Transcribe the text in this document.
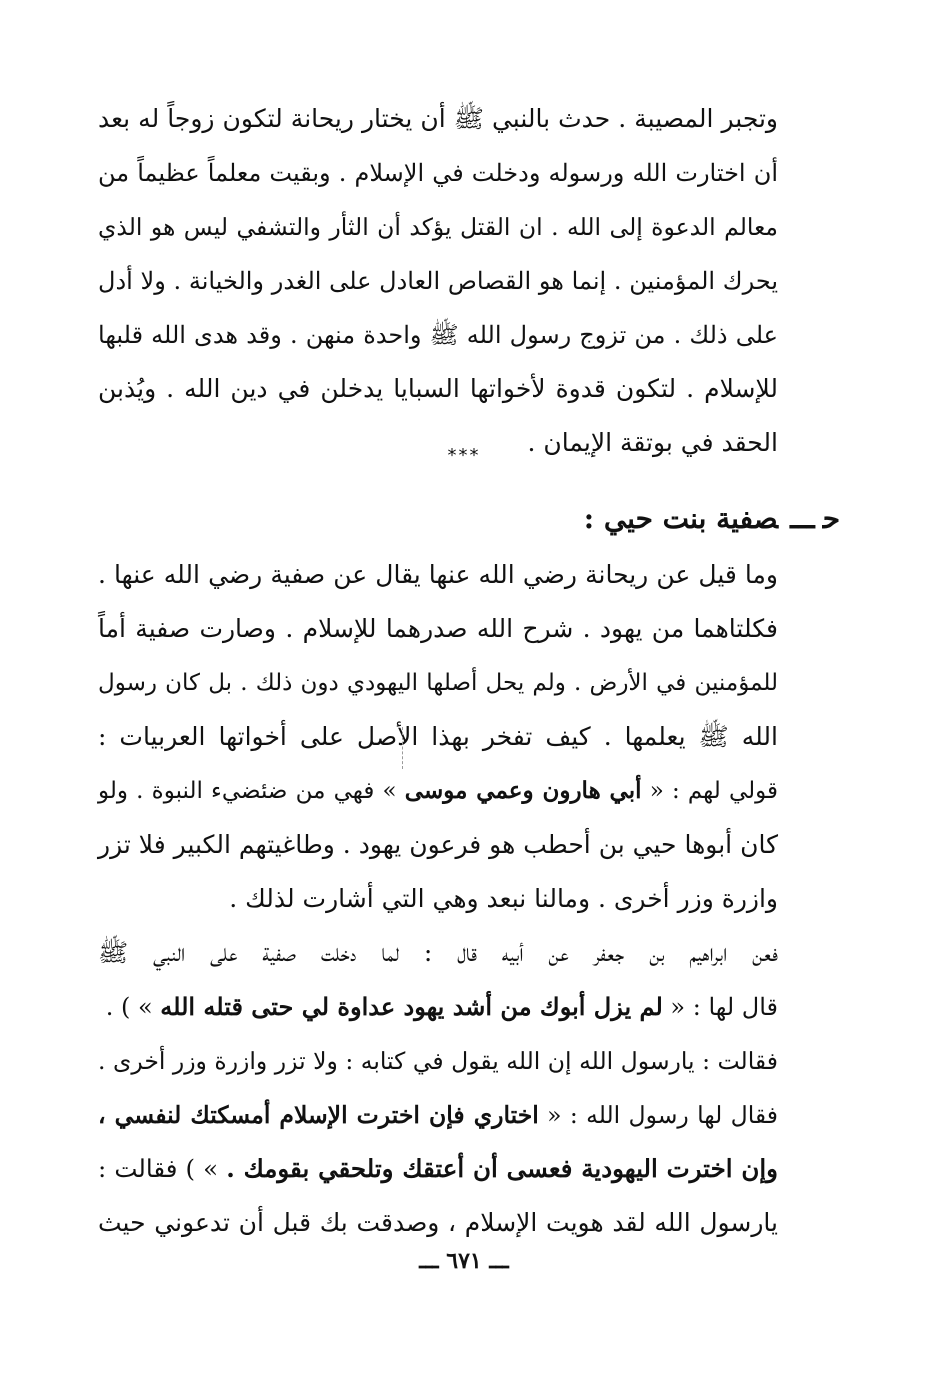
وتجبر المصيبة . حدث بالنبي ﷺ أن يختار ريحانة لتكون زوجاً له بعد
أن اختارت الله ورسوله ودخلت في الإسلام . وبقيت معلماً عظيماً من
معالم الدعوة إلى الله . ان القتل يؤكد أن الثأر والتشفي ليس هو الذي
يحرك المؤمنين . إنما هو القصاص العادل على الغدر والخيانة . ولا أدل
على ذلك . من تزوج رسول الله ﷺ واحدة منهن . وقد هدى الله قلبها
للإسلام . لتكون قدوة لأخواتها السبايا يدخلن في دين الله . ويُذبن
الحقد في بوتقة الإيمان .
***
حـــصفية بنت حيي :
وما قيل عن ريحانة رضي الله عنها يقال عن صفية رضي الله عنها .
فكلتاهما من يهود . شرح الله صدرهما للإسلام . وصارت صفية أماً
للمؤمنين في الأرض . ولم يحل أصلها اليهودي دون ذلك . بل كان رسول
الله ﷺ يعلمها . كيف تفخر بهذا الأصل على أخواتها العربيات :
قولي لهم : « أبي هارون وعمي موسى » فهي من ضئضيء النبوة . ولو
كان أبوها حيي بن أحطب هو فرعون يهود . وطاغيتهم الكبير فلا تزر
وازرة وزر أخرى . ومالنا نبعد وهي التي أشارت لذلك .
فعن ابراهيم بن جعفر عن أبيه قال : لما دخلت صفية على النبي ﷺ
قال لها : « لم يزل أبوك من أشد يهود عداوة لي حتى قتله الله » ) .
فقالت : يارسول الله إن الله يقول في كتابه : ولا تزر وازرة وزر أخرى .
فقال لها رسول الله : « اختاري فإن اخترت الإسلام أمسكتك لنفسي ،
وإن اخترت اليهودية فعسى أن أعتقك وتلحقي بقومك . » ) فقالت :
يارسول الله لقد هويت الإسلام ، وصدقت بك قبل أن تدعوني حيث
ـــ ٦٧١ ـــ
